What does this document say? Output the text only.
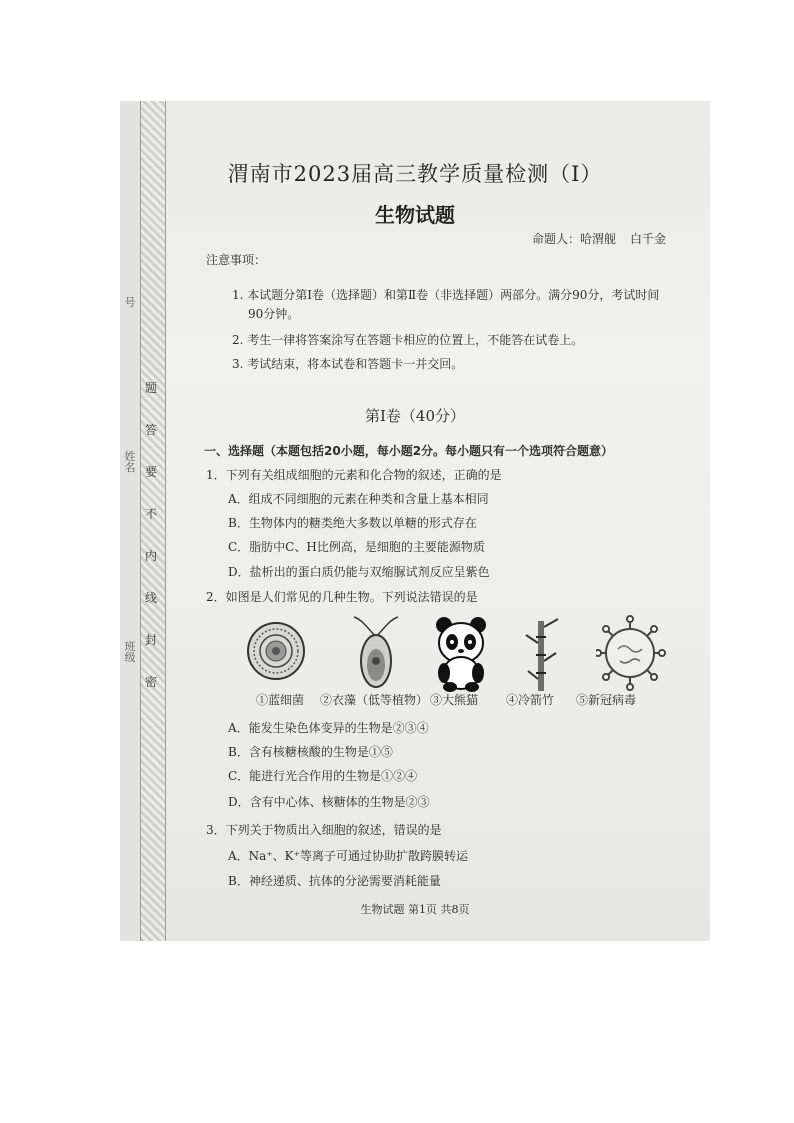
号
姓名
班级
题
答
要
不
内
线
封
密
渭南市2023届高三教学质量检测（Ⅰ）
生物试题
命题人：哈渭舰 白千金
注意事项：
1. 本试题分第Ⅰ卷（选择题）和第Ⅱ卷（非选择题）两部分。满分90分，考试时间
90分钟。
2. 考生一律将答案涂写在答题卡相应的位置上，不能答在试卷上。
3. 考试结束，将本试卷和答题卡一并交回。
第Ⅰ卷（40分）
一、选择题（本题包括20小题，每小题2分。每小题只有一个选项符合题意）
1．下列有关组成细胞的元素和化合物的叙述，正确的是
A．组成不同细胞的元素在种类和含量上基本相同
B．生物体内的糖类绝大多数以单糖的形式存在
C．脂肪中C、H比例高，是细胞的主要能源物质
D．盐析出的蛋白质仍能与双缩脲试剂反应呈紫色
2．如图是人们常见的几种生物。下列说法错误的是
①蓝细菌 ②衣藻（低等植物） ③大熊猫 ④冷箭竹 ⑤新冠病毒
A．能发生染色体变异的生物是②③④
B．含有核糖核酸的生物是①⑤
C．能进行光合作用的生物是①②④
D．含有中心体、核糖体的生物是②③
3．下列关于物质出入细胞的叙述，错误的是
A．Na⁺、K⁺等离子可通过协助扩散跨膜转运
B．神经递质、抗体的分泌需要消耗能量
生物试题 第1页 共8页
